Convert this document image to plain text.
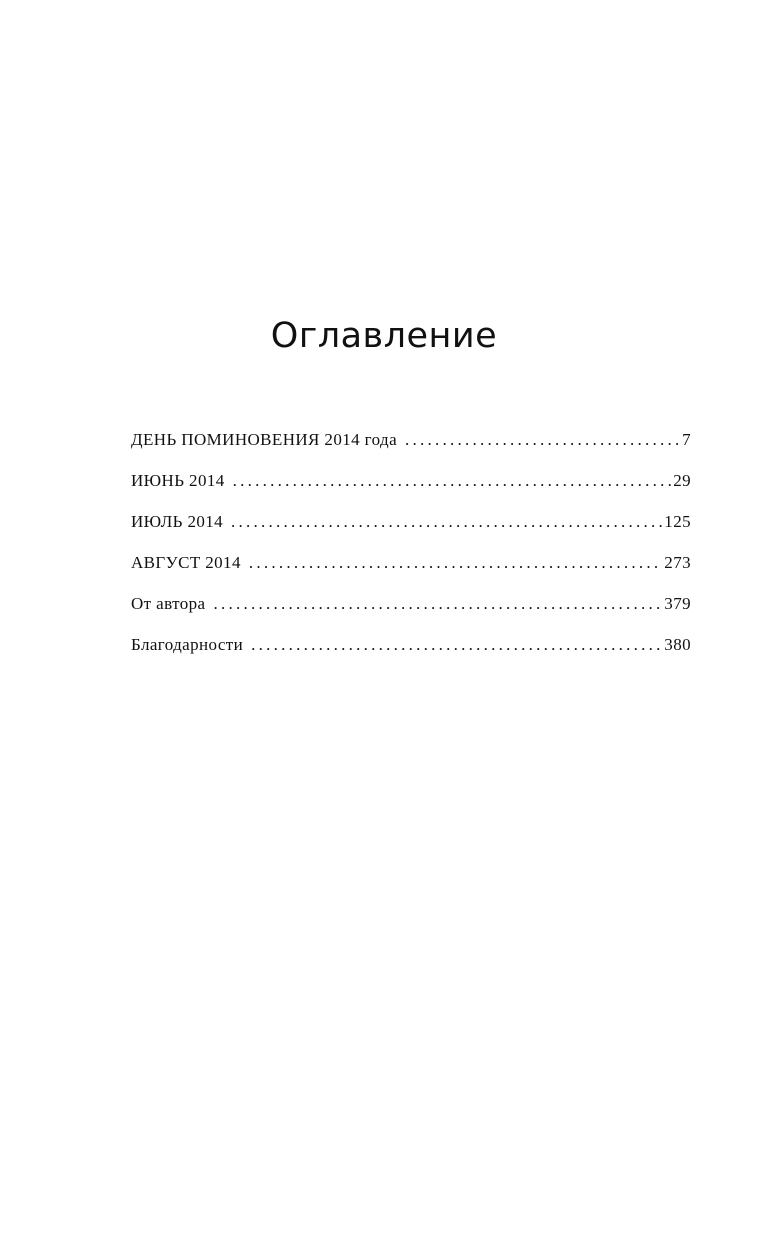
Оглавление
ДЕНЬ ПОМИНОВЕНИЯ 2014 года . . .	7
ИЮНЬ 2014 . . .	29
ИЮЛЬ 2014 . . .	125
АВГУСТ 2014 . . .	273
От автора . . .	379
Благодарности . . .	380
